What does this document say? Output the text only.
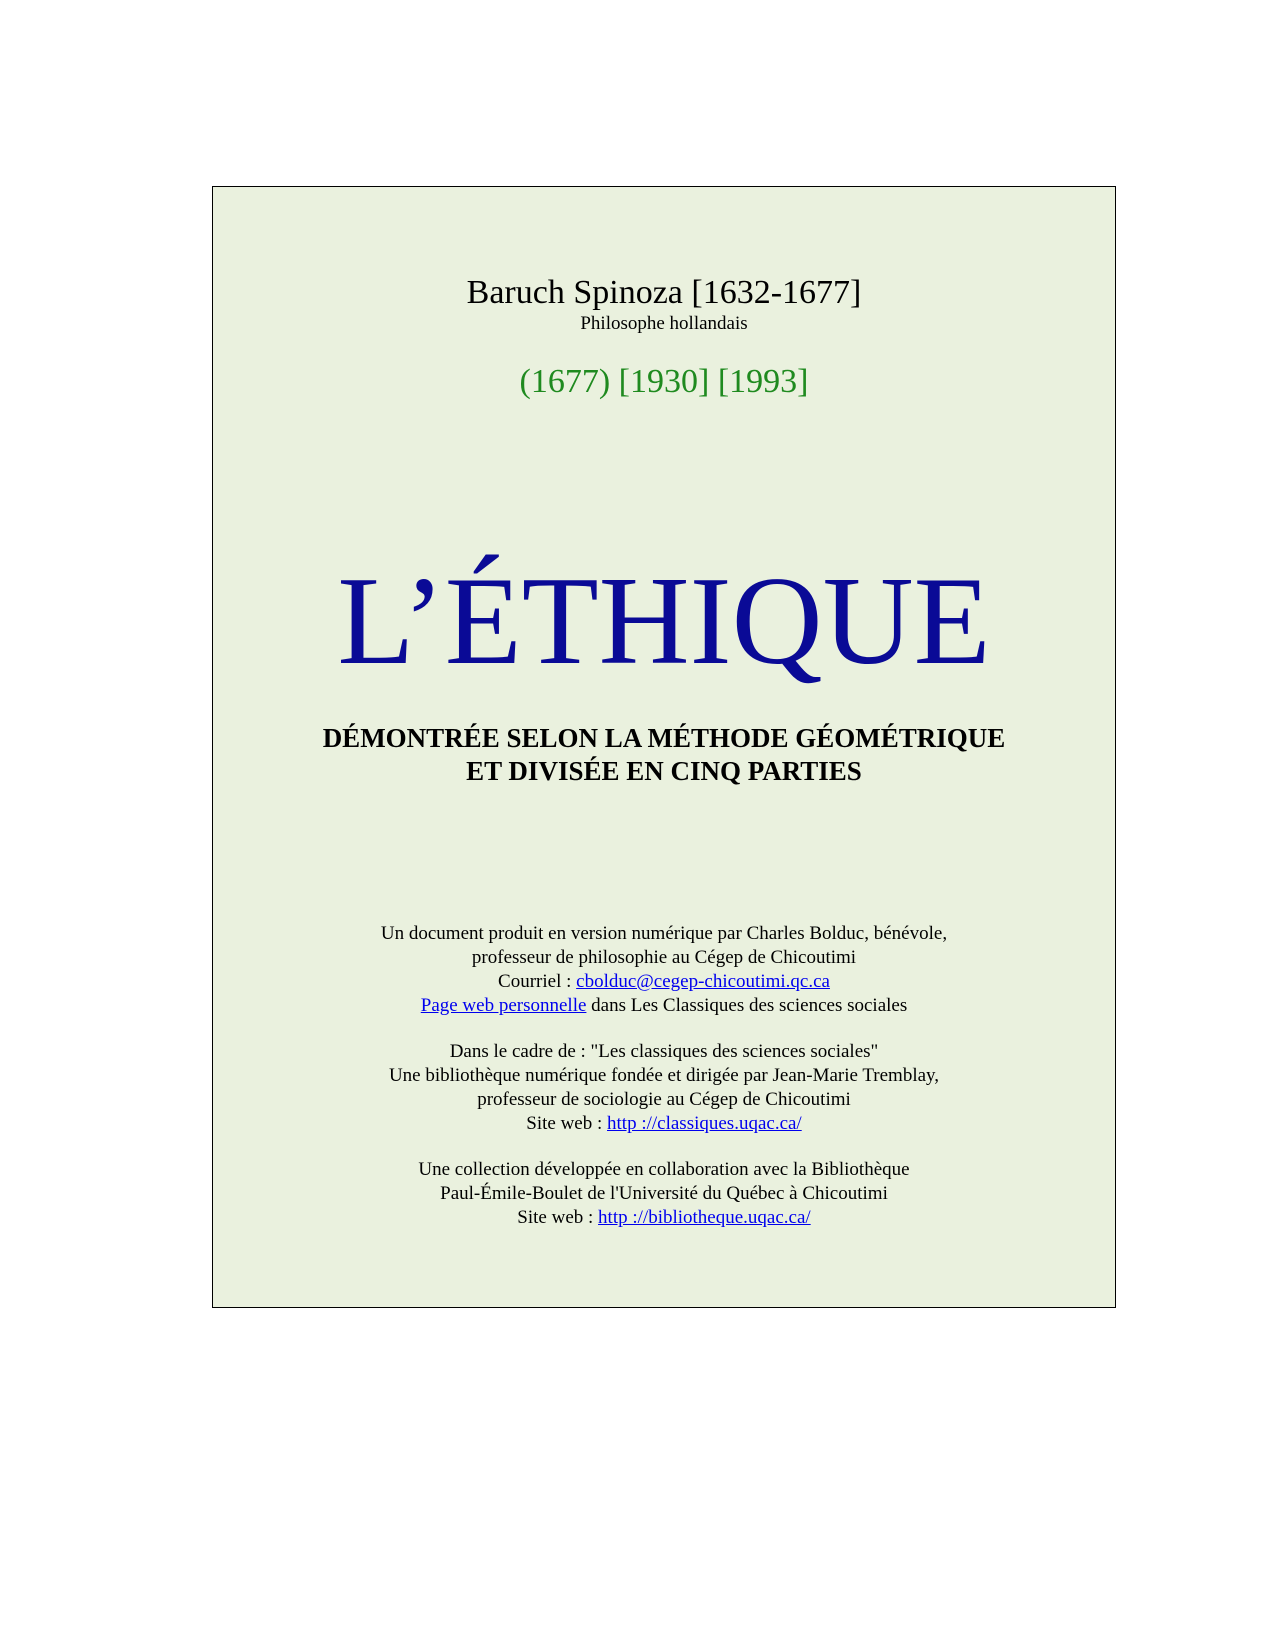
Baruch Spinoza [1632-1677]
Philosophe hollandais
(1677) [1930] [1993]
L’ÉTHIQUE
DÉMONTRÉE SELON LA MÉTHODE GÉOMÉTRIQUE
ET DIVISÉE EN CINQ PARTIES
Un document produit en version numérique par Charles Bolduc, bénévole,
professeur de philosophie au Cégep de Chicoutimi
Courriel : cbolduc@cegep-chicoutimi.qc.ca
Page web personnelle dans Les Classiques des sciences sociales
Dans le cadre de : "Les classiques des sciences sociales"
Une bibliothèque numérique fondée et dirigée par Jean-Marie Tremblay,
professeur de sociologie au Cégep de Chicoutimi
Site web : http ://classiques.uqac.ca/
Une collection développée en collaboration avec la Bibliothèque
Paul-Émile-Boulet de l'Université du Québec à Chicoutimi
Site web : http ://bibliotheque.uqac.ca/
